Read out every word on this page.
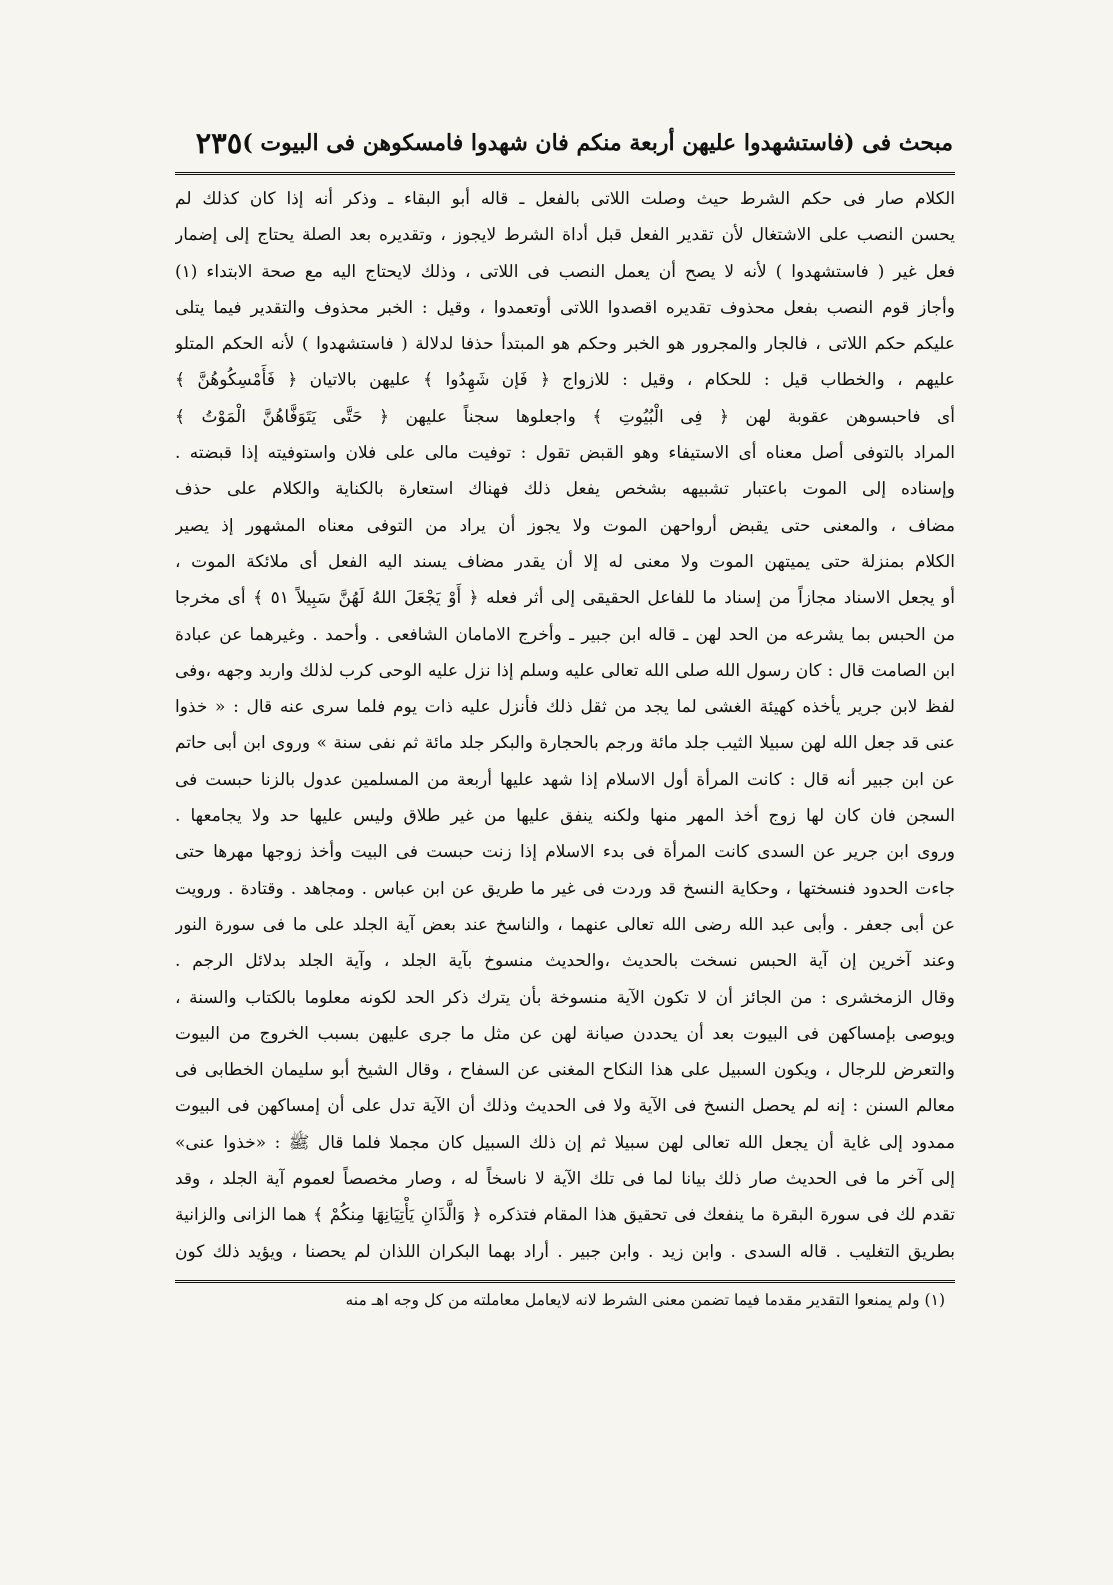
مبحث فى (فاستشهدوا عليهن أربعة منكم فان شهدوا فامسكوهن فى البيوت )
٢٣٥
الكلام صار فى حكم الشرط حيث وصلت اللاتى بالفعل ـ قاله أبو البقاء ـ وذكر أنه إذا كان كذلك لم
يحسن النصب على الاشتغال لأن تقدير الفعل قبل أداة الشرط لايجوز ، وتقديره بعد الصلة يحتاج إلى إضمار
فعل غير ( فاستشهدوا ) لأنه لا يصح أن يعمل النصب فى اللاتى ، وذلك لايحتاج اليه مع صحة الابتداء (١)
وأجاز قوم النصب بفعل محذوف تقديره اقصدوا اللاتى أوتعمدوا ، وقيل : الخبر محذوف والتقدير فيما يتلى
عليكم حكم اللاتى ، فالجار والمجرور هو الخبر وحكم هو المبتدأ حذفا لدلالة ( فاستشهدوا ) لأنه الحكم المتلو
عليهم ، والخطاب قيل : للحكام ، وقيل : للازواج ﴿ فَإن شَهِدُوا ﴾ عليهن بالاتيان ﴿ فَأَمْسِكُوهُنَّ ﴾
أى فاحبسوهن عقوبة لهن ﴿ فِى الْبُيُوتِ ﴾ واجعلوها سجناً عليهن ﴿ حَتَّى يَتَوَفَّاهُنَّ الْمَوْتُ ﴾
المراد بالتوفى أصل معناه أى الاستيفاء وهو القبض تقول : توفيت مالى على فلان واستوفيته إذا قبضته .
وإسناده إلى الموت باعتبار تشبيهه بشخص يفعل ذلك فهناك استعارة بالكناية والكلام على حذف
مضاف ، والمعنى حتى يقبض أرواحهن الموت ولا يجوز أن يراد من التوفى معناه المشهور إذ يصير
الكلام بمنزلة حتى يميتهن الموت ولا معنى له إلا أن يقدر مضاف يسند اليه الفعل أى ملائكة الموت ،
أو يجعل الاسناد مجازاً من إسناد ما للفاعل الحقيقى إلى أثر فعله ﴿ أَوْ يَجْعَلَ اللهُ لَهُنَّ سَبِيلاً ٥١ ﴾ أى مخرجا
من الحبس بما يشرعه من الحد لهن ـ قاله ابن جبير ـ وأخرج الامامان الشافعى . وأحمد . وغيرهما عن عبادة
ابن الصامت قال : كان رسول الله صلى الله تعالى عليه وسلم إذا نزل عليه الوحى كرب لذلك واربد وجهه ،وفى
لفظ لابن جرير يأخذه كهيئة الغشى لما يجد من ثقل ذلك فأنزل عليه ذات يوم فلما سرى عنه قال : « خذوا
عنى قد جعل الله لهن سبيلا الثيب جلد مائة ورجم بالحجارة والبكر جلد مائة ثم نفى سنة » وروى ابن أبى حاتم
عن ابن جبير أنه قال : كانت المرأة أول الاسلام إذا شهد عليها أربعة من المسلمين عدول بالزنا حبست فى
السجن فان كان لها زوج أخذ المهر منها ولكنه ينفق عليها من غير طلاق وليس عليها حد ولا يجامعها .
وروى ابن جرير عن السدى كانت المرأة فى بدء الاسلام إذا زنت حبست فى البيت وأخذ زوجها مهرها حتى
جاءت الحدود فنسختها ، وحكاية النسخ قد وردت فى غير ما طريق عن ابن عباس . ومجاهد . وقتادة . ورويت
عن أبى جعفر . وأبى عبد الله رضى الله تعالى عنهما ، والناسخ عند بعض آية الجلد على ما فى سورة النور
وعند آخرين إن آية الحبس نسخت بالحديث ،والحديث منسوخ بآية الجلد ، وآية الجلد بدلائل الرجم .
وقال الزمخشرى : من الجائز أن لا تكون الآية منسوخة بأن يترك ذكر الحد لكونه معلوما بالكتاب والسنة ،
ويوصى بإمساكهن فى البيوت بعد أن يحددن صيانة لهن عن مثل ما جرى عليهن بسبب الخروج من البيوت
والتعرض للرجال ، ويكون السبيل على هذا النكاح المغنى عن السفاح ، وقال الشيخ أبو سليمان الخطابى فى
معالم السنن : إنه لم يحصل النسخ فى الآية ولا فى الحديث وذلك أن الآية تدل على أن إمساكهن فى البيوت
ممدود إلى غاية أن يجعل الله تعالى لهن سبيلا ثم إن ذلك السبيل كان مجملا فلما قال ﷺ : «خذوا عنى»
إلى آخر ما فى الحديث صار ذلك بيانا لما فى تلك الآية لا ناسخاً له ، وصار مخصصاً لعموم آية الجلد ، وقد
تقدم لك فى سورة البقرة ما ينفعك فى تحقيق هذا المقام فتذكره ﴿ وَالَّذَانِ يَأْتِيَانِهَا مِنكُمْ ﴾ هما الزانى والزانية
بطريق التغليب . قاله السدى . وابن زيد . وابن جبير . أراد بهما البكران اللذان لم يحصنا ، ويؤيد ذلك كون
(١) ولم يمنعوا التقدير مقدما فيما تضمن معنى الشرط لانه لايعامل معاملته من كل وجه اهـ منه
